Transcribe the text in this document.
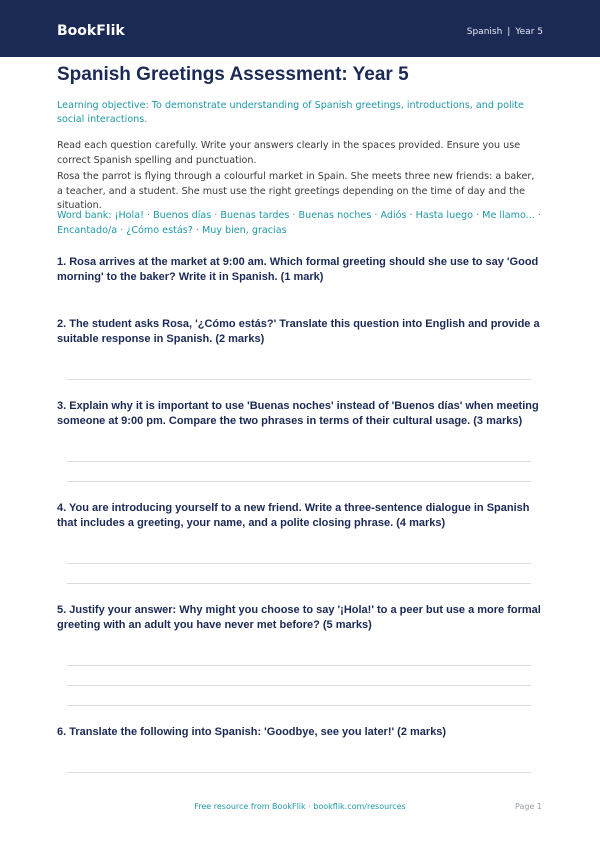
BookFlik	Spanish | Year 5
Spanish Greetings Assessment: Year 5

Learning objective: To demonstrate understanding of Spanish greetings, introductions, and polite social interactions.

Read each question carefully. Write your answers clearly in the spaces provided. Ensure you use correct Spanish spelling and punctuation.

Rosa the parrot is flying through a colourful market in Spain. She meets three new friends: a baker, a teacher, and a student. She must use the right greetings depending on the time of day and the situation.

Word bank: ¡Hola! · Buenos días · Buenas tardes · Buenas noches · Adiós · Hasta luego · Me llamo... · Encantado/a · ¿Cómo estás? · Muy bien, gracias

1. Rosa arrives at the market at 9:00 am. Which formal greeting should she use to say 'Good morning' to the baker? Write it in Spanish. (1 mark)
2. The student asks Rosa, '¿Cómo estás?' Translate this question into English and provide a suitable response in Spanish. (2 marks)
3. Explain why it is important to use 'Buenas noches' instead of 'Buenos días' when meeting someone at 9:00 pm. Compare the two phrases in terms of their cultural usage. (3 marks)
4. You are introducing yourself to a new friend. Write a three-sentence dialogue in Spanish that includes a greeting, your name, and a polite closing phrase. (4 marks)
5. Justify your answer: Why might you choose to say '¡Hola!' to a peer but use a more formal greeting with an adult you have never met before? (5 marks)
6. Translate the following into Spanish: 'Goodbye, see you later!' (2 marks)
Free resource from BookFlik · bookflik.com/resources	Page 1
